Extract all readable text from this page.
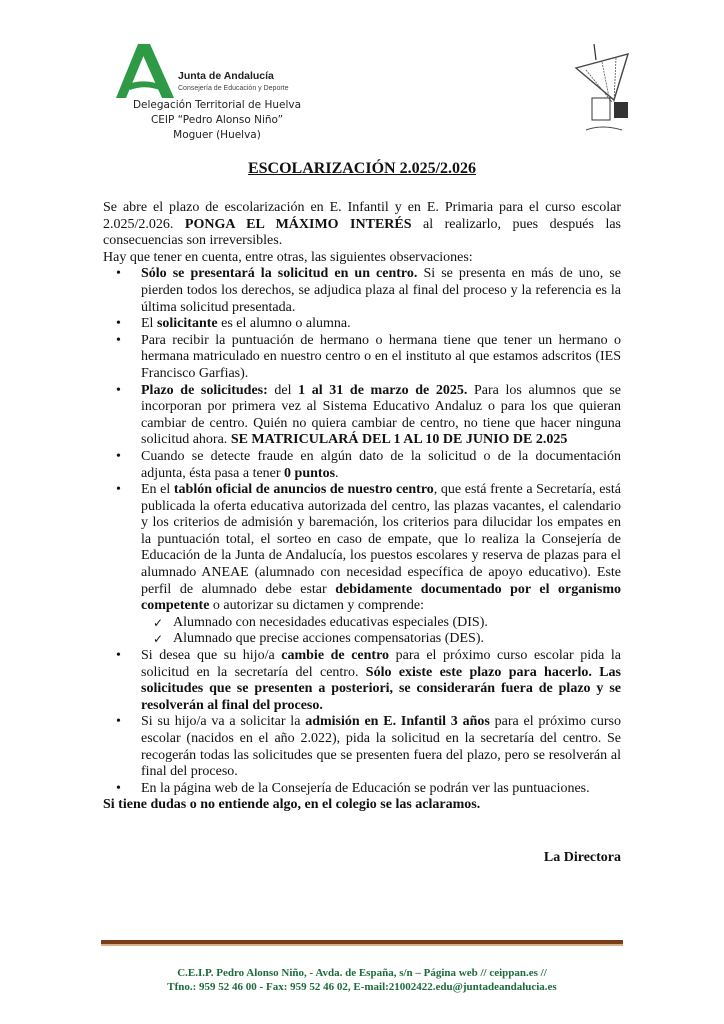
Junta de Andalucía
Consejería de Educación y Deporte
Delegación Territorial de Huelva
CEIP “Pedro Alonso Niño”
Moguer (Huelva)
ESCOLARIZACIÓN 2.025/2.026

Se abre el plazo de escolarización en E. Infantil y en E. Primaria para el curso escolar 2.025/2.026. PONGA EL MÁXIMO INTERÉS al realizarlo, pues después las consecuencias son irreversibles.

Hay que tener en cuenta, entre otras, las siguientes observaciones:

• Sólo se presentará la solicitud en un centro. Si se presenta en más de uno, se pierden todos los derechos, se adjudica plaza al final del proceso y la referencia es la última solicitud presentada.
• El solicitante es el alumno o alumna.
• Para recibir la puntuación de hermano o hermana tiene que tener un hermano o hermana matriculado en nuestro centro o en el instituto al que estamos adscritos (IES Francisco Garfias).
• Plazo de solicitudes: del 1 al 31 de marzo de 2025. Para los alumnos que se incorporan por primera vez al Sistema Educativo Andaluz o para los que quieran cambiar de centro. Quién no quiera cambiar de centro, no tiene que hacer ninguna solicitud ahora. SE MATRICULARÁ DEL 1 AL 10 DE JUNIO DE 2.025
• Cuando se detecte fraude en algún dato de la solicitud o de la documentación adjunta, ésta pasa a tener 0 puntos.
• En el tablón oficial de anuncios de nuestro centro, que está frente a Secretaría, está publicada la oferta educativa autorizada del centro, las plazas vacantes, el calendario y los criterios de admisión y baremación, los criterios para dilucidar los empates en la puntuación total, el sorteo en caso de empate, que lo realiza la Consejería de Educación de la Junta de Andalucía, los puestos escolares y reserva de plazas para el alumnado ANEAE (alumnado con necesidad específica de apoyo educativo). Este perfil de alumnado debe estar debidamente documentado por el organismo competente o autorizar su dictamen y comprende:
✓ Alumnado con necesidades educativas especiales (DIS).
✓ Alumnado que precise acciones compensatorias (DES).
• Si desea que su hijo/a cambie de centro para el próximo curso escolar pida la solicitud en la secretaría del centro. Sólo existe este plazo para hacerlo. Las solicitudes que se presenten a posteriori, se considerarán fuera de plazo y se resolverán al final del proceso.
• Si su hijo/a va a solicitar la admisión en E. Infantil 3 años para el próximo curso escolar (nacidos en el año 2.022), pida la solicitud en la secretaría del centro. Se recogerán todas las solicitudes que se presenten fuera del plazo, pero se resolverán al final del proceso.
• En la página web de la Consejería de Educación se podrán ver las puntuaciones.

Si tiene dudas o no entiende algo, en el colegio se las aclaramos.

La Directora
C.E.I.P. Pedro Alonso Niño, - Avda. de España, s/n – Página web // ceippan.es //
Tfno.: 959 52 46 00 - Fax: 959 52 46 02, E-mail:21002422.edu@juntadeandalucia.es
